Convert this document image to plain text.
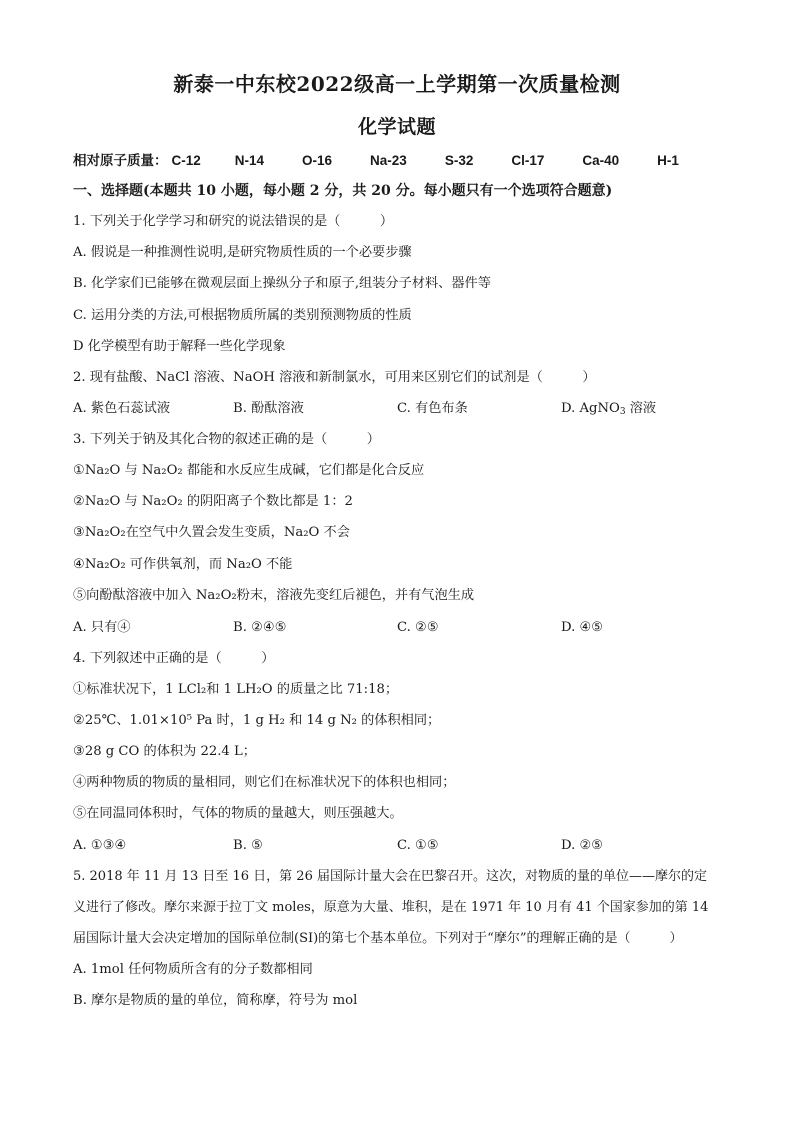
新泰一中东校2022级高一上学期第一次质量检测
化学试题
相对原子质量： C-12	N-14	O-16	Na-23	S-32	Cl-17	Ca-40	H-1
一、选择题(本题共 10 小题，每小题 2 分，共 20 分。每小题只有一个选项符合题意)
1. 下列关于化学学习和研究的说法错误的是（　　　）
A. 假说是一种推测性说明,是研究物质性质的一个必要步骤
B. 化学家们已能够在微观层面上操纵分子和原子,组装分子材料、器件等
C. 运用分类的方法,可根据物质所属的类别预测物质的性质
D 化学模型有助于解释一些化学现象
2. 现有盐酸、NaCl 溶液、NaOH 溶液和新制氯水，可用来区别它们的试剂是（　　　）
A. 紫色石蕊试液	B. 酚酞溶液	C. 有色布条	D. AgNO$_3$ 溶液
3. 下列关于钠及其化合物的叙述正确的是（　　　）
①Na₂O 与 Na₂O₂ 都能和水反应生成碱，它们都是化合反应
②Na₂O 与 Na₂O₂ 的阴阳离子个数比都是 1：2
③Na₂O₂在空气中久置会发生变质，Na₂O 不会
④Na₂O₂ 可作供氧剂，而 Na₂O 不能
⑤向酚酞溶液中加入 Na₂O₂粉末，溶液先变红后褪色，并有气泡生成
A. 只有④	B. ②④⑤	C. ②⑤	D. ④⑤
4. 下列叙述中正确的是（　　　）
①标准状况下，1 LCl₂和 1 LH₂O 的质量之比 71:18；
②25℃、1.01×10⁵ Pa 时，1 g H₂ 和 14 g N₂ 的体积相同；
③28 g CO 的体积为 22.4 L；
④两种物质的物质的量相同，则它们在标准状况下的体积也相同；
⑤在同温同体积时，气体的物质的量越大，则压强越大。
A. ①③④	B. ⑤	C. ①⑤	D. ②⑤
5. 2018 年 11 月 13 日至 16 日，第 26 届国际计量大会在巴黎召开。这次，对物质的量的单位——摩尔的定
义进行了修改。摩尔来源于拉丁文 moles，原意为大量、堆积，是在 1971 年 10 月有 41 个国家参加的第 14
届国际计量大会决定增加的国际单位制(SI)的第七个基本单位。下列对于“摩尔”的理解正确的是（　　　）
A. 1mol 任何物质所含有的分子数都相同
B. 摩尔是物质的量的单位，简称摩，符号为 mol
